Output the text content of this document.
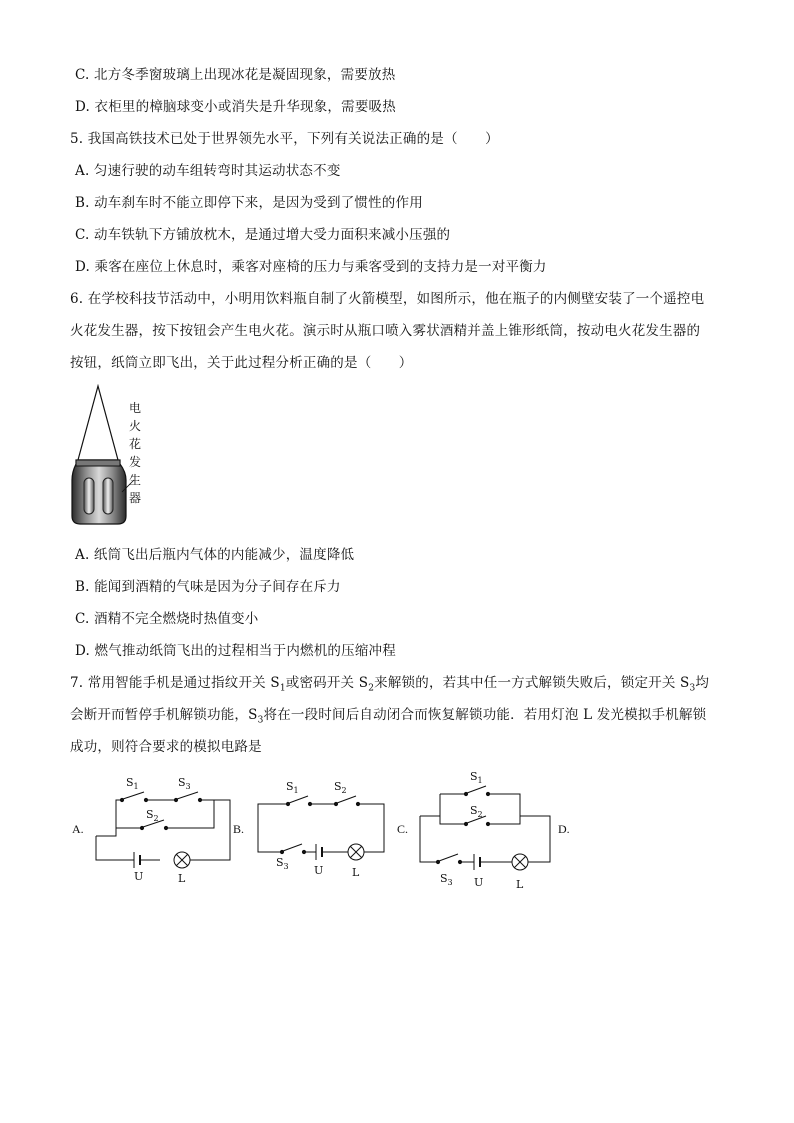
C. 北方冬季窗玻璃上出现冰花是凝固现象，需要放热
D. 衣柜里的樟脑球变小或消失是升华现象，需要吸热
5. 我国高铁技术已处于世界领先水平，下列有关说法正确的是（　　）
A. 匀速行驶的动车组转弯时其运动状态不变
B. 动车刹车时不能立即停下来，是因为受到了惯性的作用
C. 动车铁轨下方铺放枕木，是通过增大受力面积来减小压强的
D. 乘客在座位上休息时，乘客对座椅的压力与乘客受到的支持力是一对平衡力
6. 在学校科技节活动中，小明用饮料瓶自制了火箭模型，如图所示，他在瓶子的内侧壁安装了一个遥控电
火花发生器，按下按钮会产生电火花。演示时从瓶口喷入雾状酒精并盖上锥形纸筒，按动电火花发生器的
按钮，纸筒立即飞出，关于此过程分析正确的是（　　）
电
火
花
发
生
器
A. 纸筒飞出后瓶内气体的内能减少，温度降低
B. 能闻到酒精的气味是因为分子间存在斥力
C. 酒精不完全燃烧时热值变小
D. 燃气推动纸筒飞出的过程相当于内燃机的压缩冲程
7. 常用智能手机是通过指纹开关 $S_1$或密码开关 $S_2$来解锁的，若其中任一方式解锁失败后，锁定开关 $S_3$均
会断开而暂停手机解锁功能，$S_3$将在一段时间后自动闭合而恢复解锁功能．若用灯泡 L 发光模拟手机解锁
成功，则符合要求的模拟电路是
A.	B.	C.	D.
$S_1$	$S_3$
$S_2$
U	L
$S_1$	$S_2$
$S_3$ U	L
$S_1$
$S_2$
$S_3$ U	L
